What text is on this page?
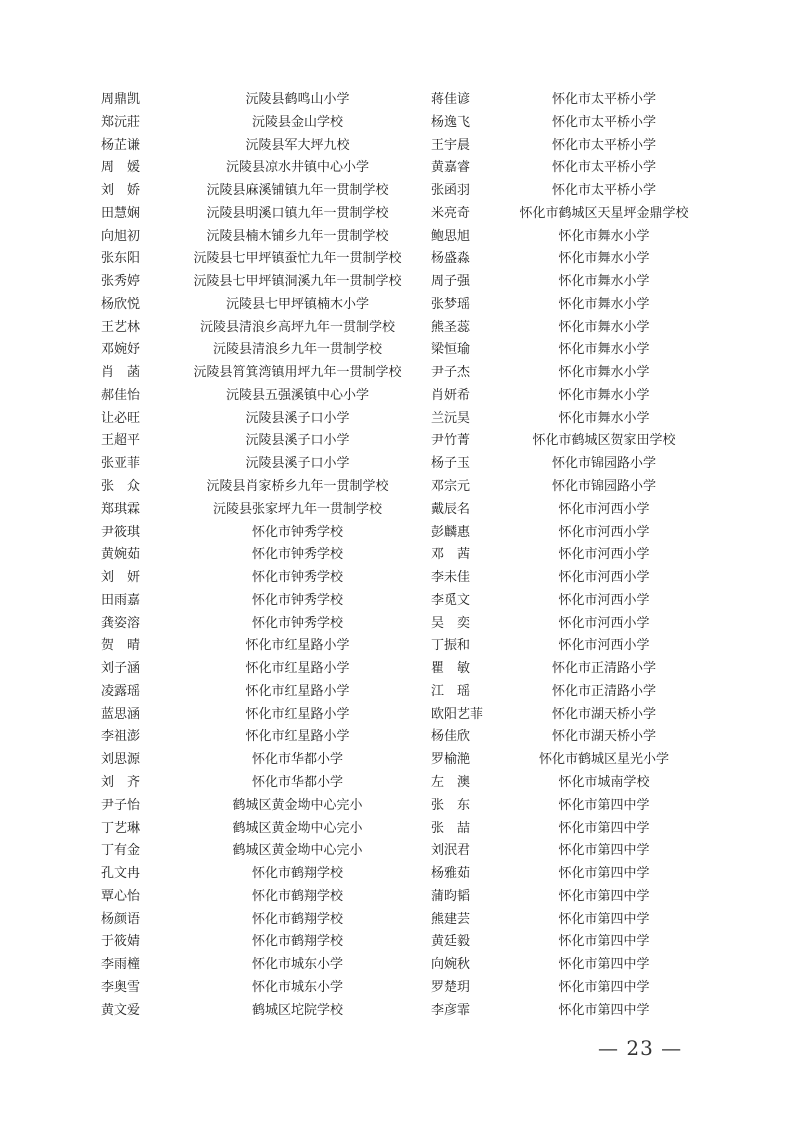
周鼎凯	沅陵县鹤鸣山小学	蒋佳谚	怀化市太平桥小学
郑沅莊	沅陵县金山学校	杨逸飞	怀化市太平桥小学
杨芷谦	沅陵县军大坪九校	王宇晨	怀化市太平桥小学
周　媛	沅陵县凉水井镇中心小学	黄嘉睿	怀化市太平桥小学
刘　娇	沅陵县麻溪铺镇九年一贯制学校	张函羽	怀化市太平桥小学
田慧娴	沅陵县明溪口镇九年一贯制学校	米亮奇	怀化市鹤城区天星坪金鼎学校
向旭初	沅陵县楠木铺乡九年一贯制学校	鲍思旭	怀化市舞水小学
张东阳	沅陵县七甲坪镇蚕忙九年一贯制学校	杨盛淼	怀化市舞水小学
张秀婷	沅陵县七甲坪镇洞溪九年一贯制学校	周子强	怀化市舞水小学
杨欣悦	沅陵县七甲坪镇楠木小学	张梦瑶	怀化市舞水小学
王艺林	沅陵县清浪乡高坪九年一贯制学校	熊圣蕊	怀化市舞水小学
邓婉妤	沅陵县清浪乡九年一贯制学校	梁恒瑜	怀化市舞水小学
肖　菡	沅陵县筲箕湾镇用坪九年一贯制学校	尹子杰	怀化市舞水小学
郝佳怡	沅陵县五强溪镇中心小学	肖妍希	怀化市舞水小学
让必旺	沅陵县溪子口小学	兰沅昊	怀化市舞水小学
王超平	沅陵县溪子口小学	尹竹菁	怀化市鹤城区贺家田学校
张亚菲	沅陵县溪子口小学	杨子玉	怀化市锦园路小学
张　众	沅陵县肖家桥乡九年一贯制学校	邓宗元	怀化市锦园路小学
郑琪霖	沅陵县张家坪九年一贯制学校	戴辰名	怀化市河西小学
尹筱琪	怀化市钟秀学校	彭麟惠	怀化市河西小学
黄婉茹	怀化市钟秀学校	邓　茜	怀化市河西小学
刘　妍	怀化市钟秀学校	李未佳	怀化市河西小学
田雨嘉	怀化市钟秀学校	李觅文	怀化市河西小学
龚姿溶	怀化市钟秀学校	吴　奕	怀化市河西小学
贺　晴	怀化市红星路小学	丁振和	怀化市河西小学
刘子涵	怀化市红星路小学	瞿　敏	怀化市正清路小学
凌露瑶	怀化市红星路小学	江　瑶	怀化市正清路小学
蓝思涵	怀化市红星路小学	欧阳艺菲	怀化市湖天桥小学
李祖澎	怀化市红星路小学	杨佳欣	怀化市湖天桥小学
刘思源	怀化市华都小学	罗榆滟	怀化市鹤城区星光小学
刘　齐	怀化市华都小学	左　澳	怀化市城南学校
尹子怡	鹤城区黄金坳中心完小	张　东	怀化市第四中学
丁艺琳	鹤城区黄金坳中心完小	张　喆	怀化市第四中学
丁有金	鹤城区黄金坳中心完小	刘泯君	怀化市第四中学
孔文冉	怀化市鹤翔学校	杨雅茹	怀化市第四中学
覃心怡	怀化市鹤翔学校	蒲昀韬	怀化市第四中学
杨颜语	怀化市鹤翔学校	熊建芸	怀化市第四中学
于筱婧	怀化市鹤翔学校	黄廷毅	怀化市第四中学
李雨橦	怀化市城东小学	向婉秋	怀化市第四中学
李奥雪	怀化市城东小学	罗楚玥	怀化市第四中学
黄文爱	鹤城区坨院学校	李彦霏	怀化市第四中学
— 23 —
